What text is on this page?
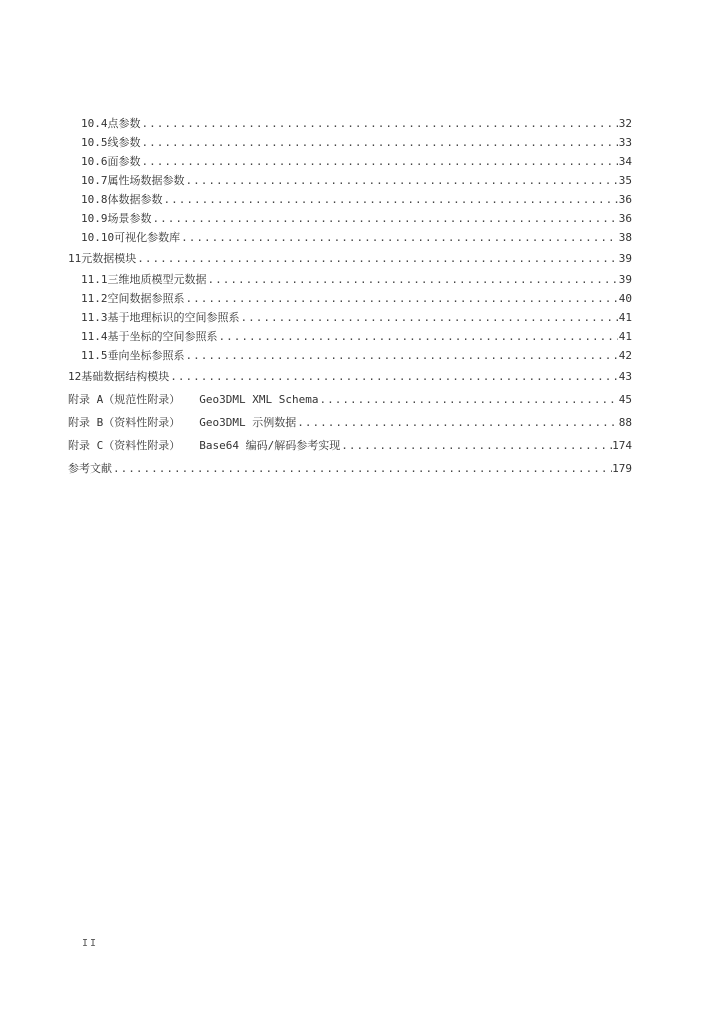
10.4 点参数 .....	32
10.5 线参数 .....	33
10.6 面参数 .....	34
10.7 属性场数据参数 .....	35
10.8 体数据参数 .....	36
10.9 场景参数 .....	36
10.10 可视化参数库 .....	38
11 元数据模块 .....	39
11.1 三维地质模型元数据 .....	39
11.2 空间数据参照系 .....	40
11.3 基于地理标识的空间参照系 .....	41
11.4 基于坐标的空间参照系 .....	41
11.5 垂向坐标参照系 .....	42
12 基础数据结构模块 .....	43
附录 A（规范性附录） Geo3DML XML Schema .....	45
附录 B（资料性附录） Geo3DML 示例数据 .....	88
附录 C（资料性附录） Base64 编码/解码参考实现 .....	174
参考文献 .....	179
II
